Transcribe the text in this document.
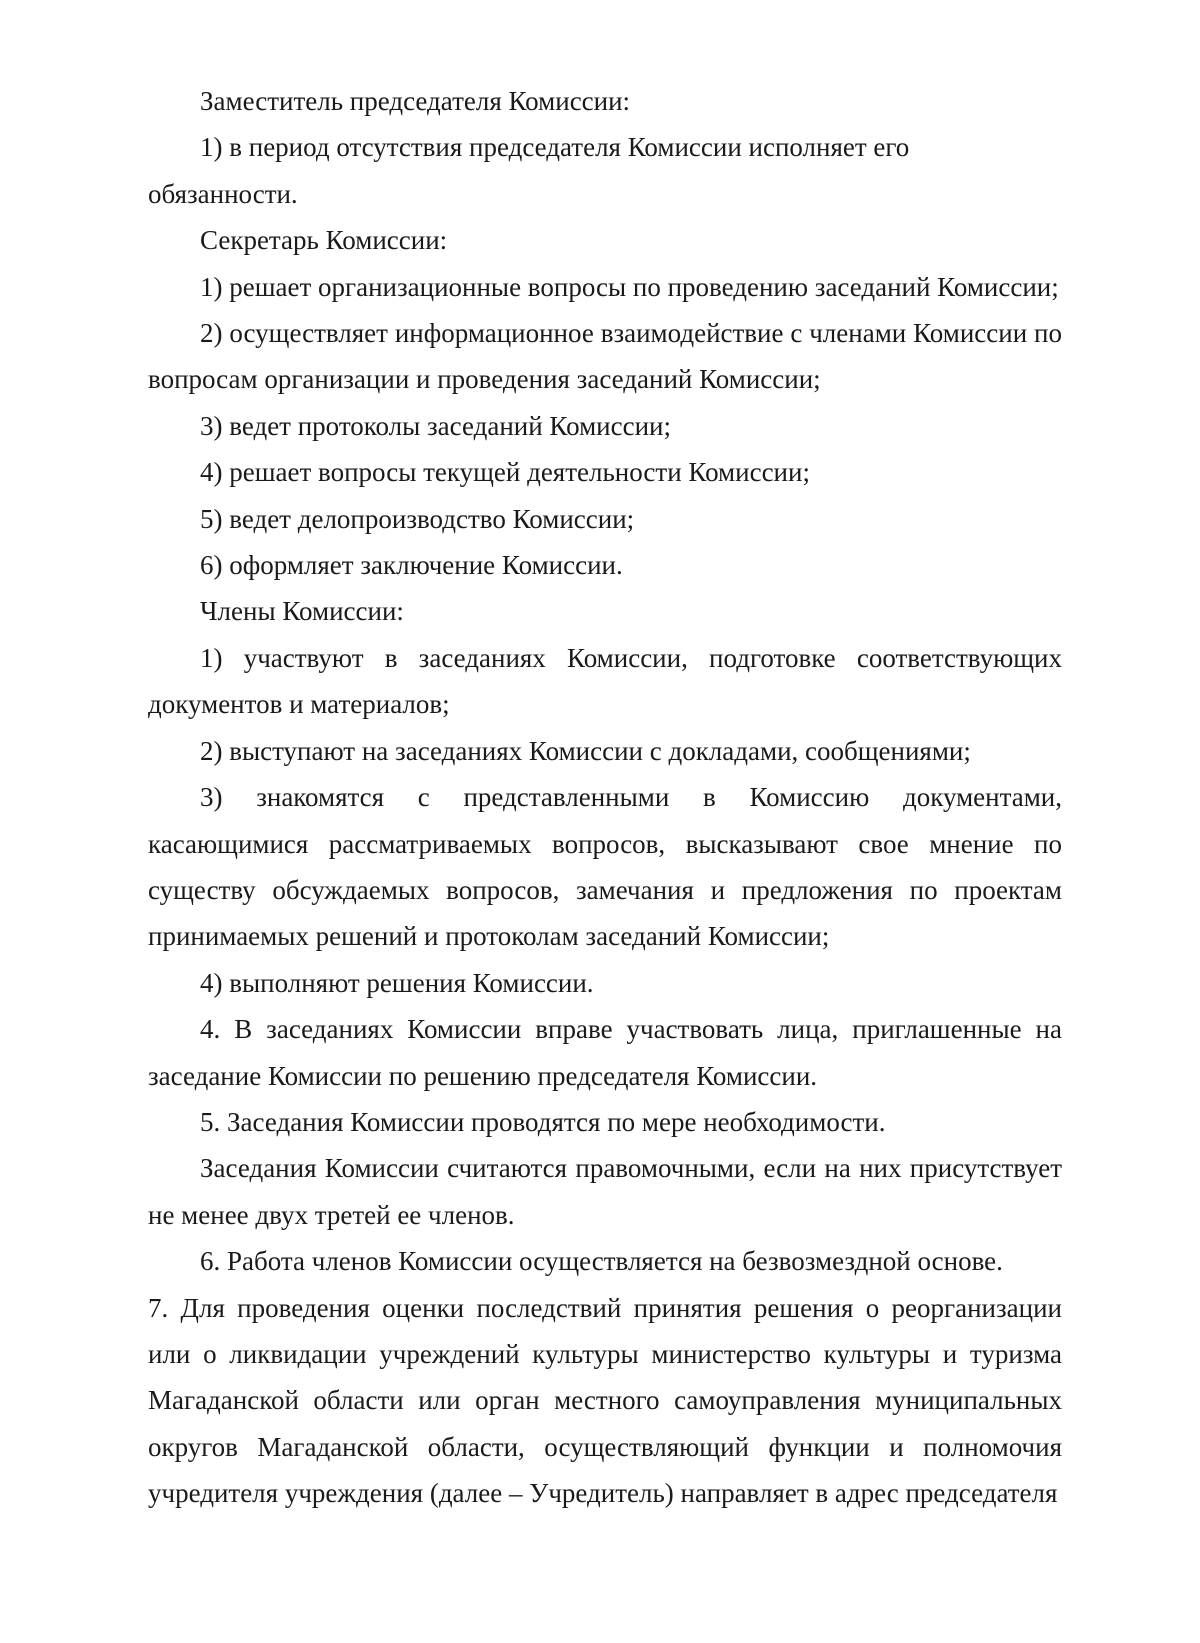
Заместитель председателя Комиссии:

1) в период отсутствия председателя Комиссии исполняет его обязанности.

Секретарь Комиссии:

1) решает организационные вопросы по проведению заседаний Комиссии;

2) осуществляет информационное взаимодействие с членами Комиссии по вопросам организации и проведения заседаний Комиссии;

3) ведет протоколы заседаний Комиссии;

4) решает вопросы текущей деятельности Комиссии;

5) ведет делопроизводство Комиссии;

6) оформляет заключение Комиссии.

Члены Комиссии:

1) участвуют в заседаниях Комиссии, подготовке соответствующих документов и материалов;

2) выступают на заседаниях Комиссии с докладами, сообщениями;

3) знакомятся с представленными в Комиссию документами, касающимися рассматриваемых вопросов, высказывают свое мнение по существу обсуждаемых вопросов, замечания и предложения по проектам принимаемых решений и протоколам заседаний Комиссии;

4) выполняют решения Комиссии.

4. В заседаниях Комиссии вправе участвовать лица, приглашенные на заседание Комиссии по решению председателя Комиссии.

5. Заседания Комиссии проводятся по мере необходимости.

Заседания Комиссии считаются правомочными, если на них присутствует не менее двух третей ее членов.

6. Работа членов Комиссии осуществляется на безвозмездной основе.

7. Для проведения оценки последствий принятия решения о реорганизации или о ликвидации учреждений культуры министерство культуры и туризма Магаданской области или орган местного самоуправления муниципальных округов Магаданской области, осуществляющий функции и полномочия учредителя учреждения (далее – Учредитель) направляет в адрес председателя
